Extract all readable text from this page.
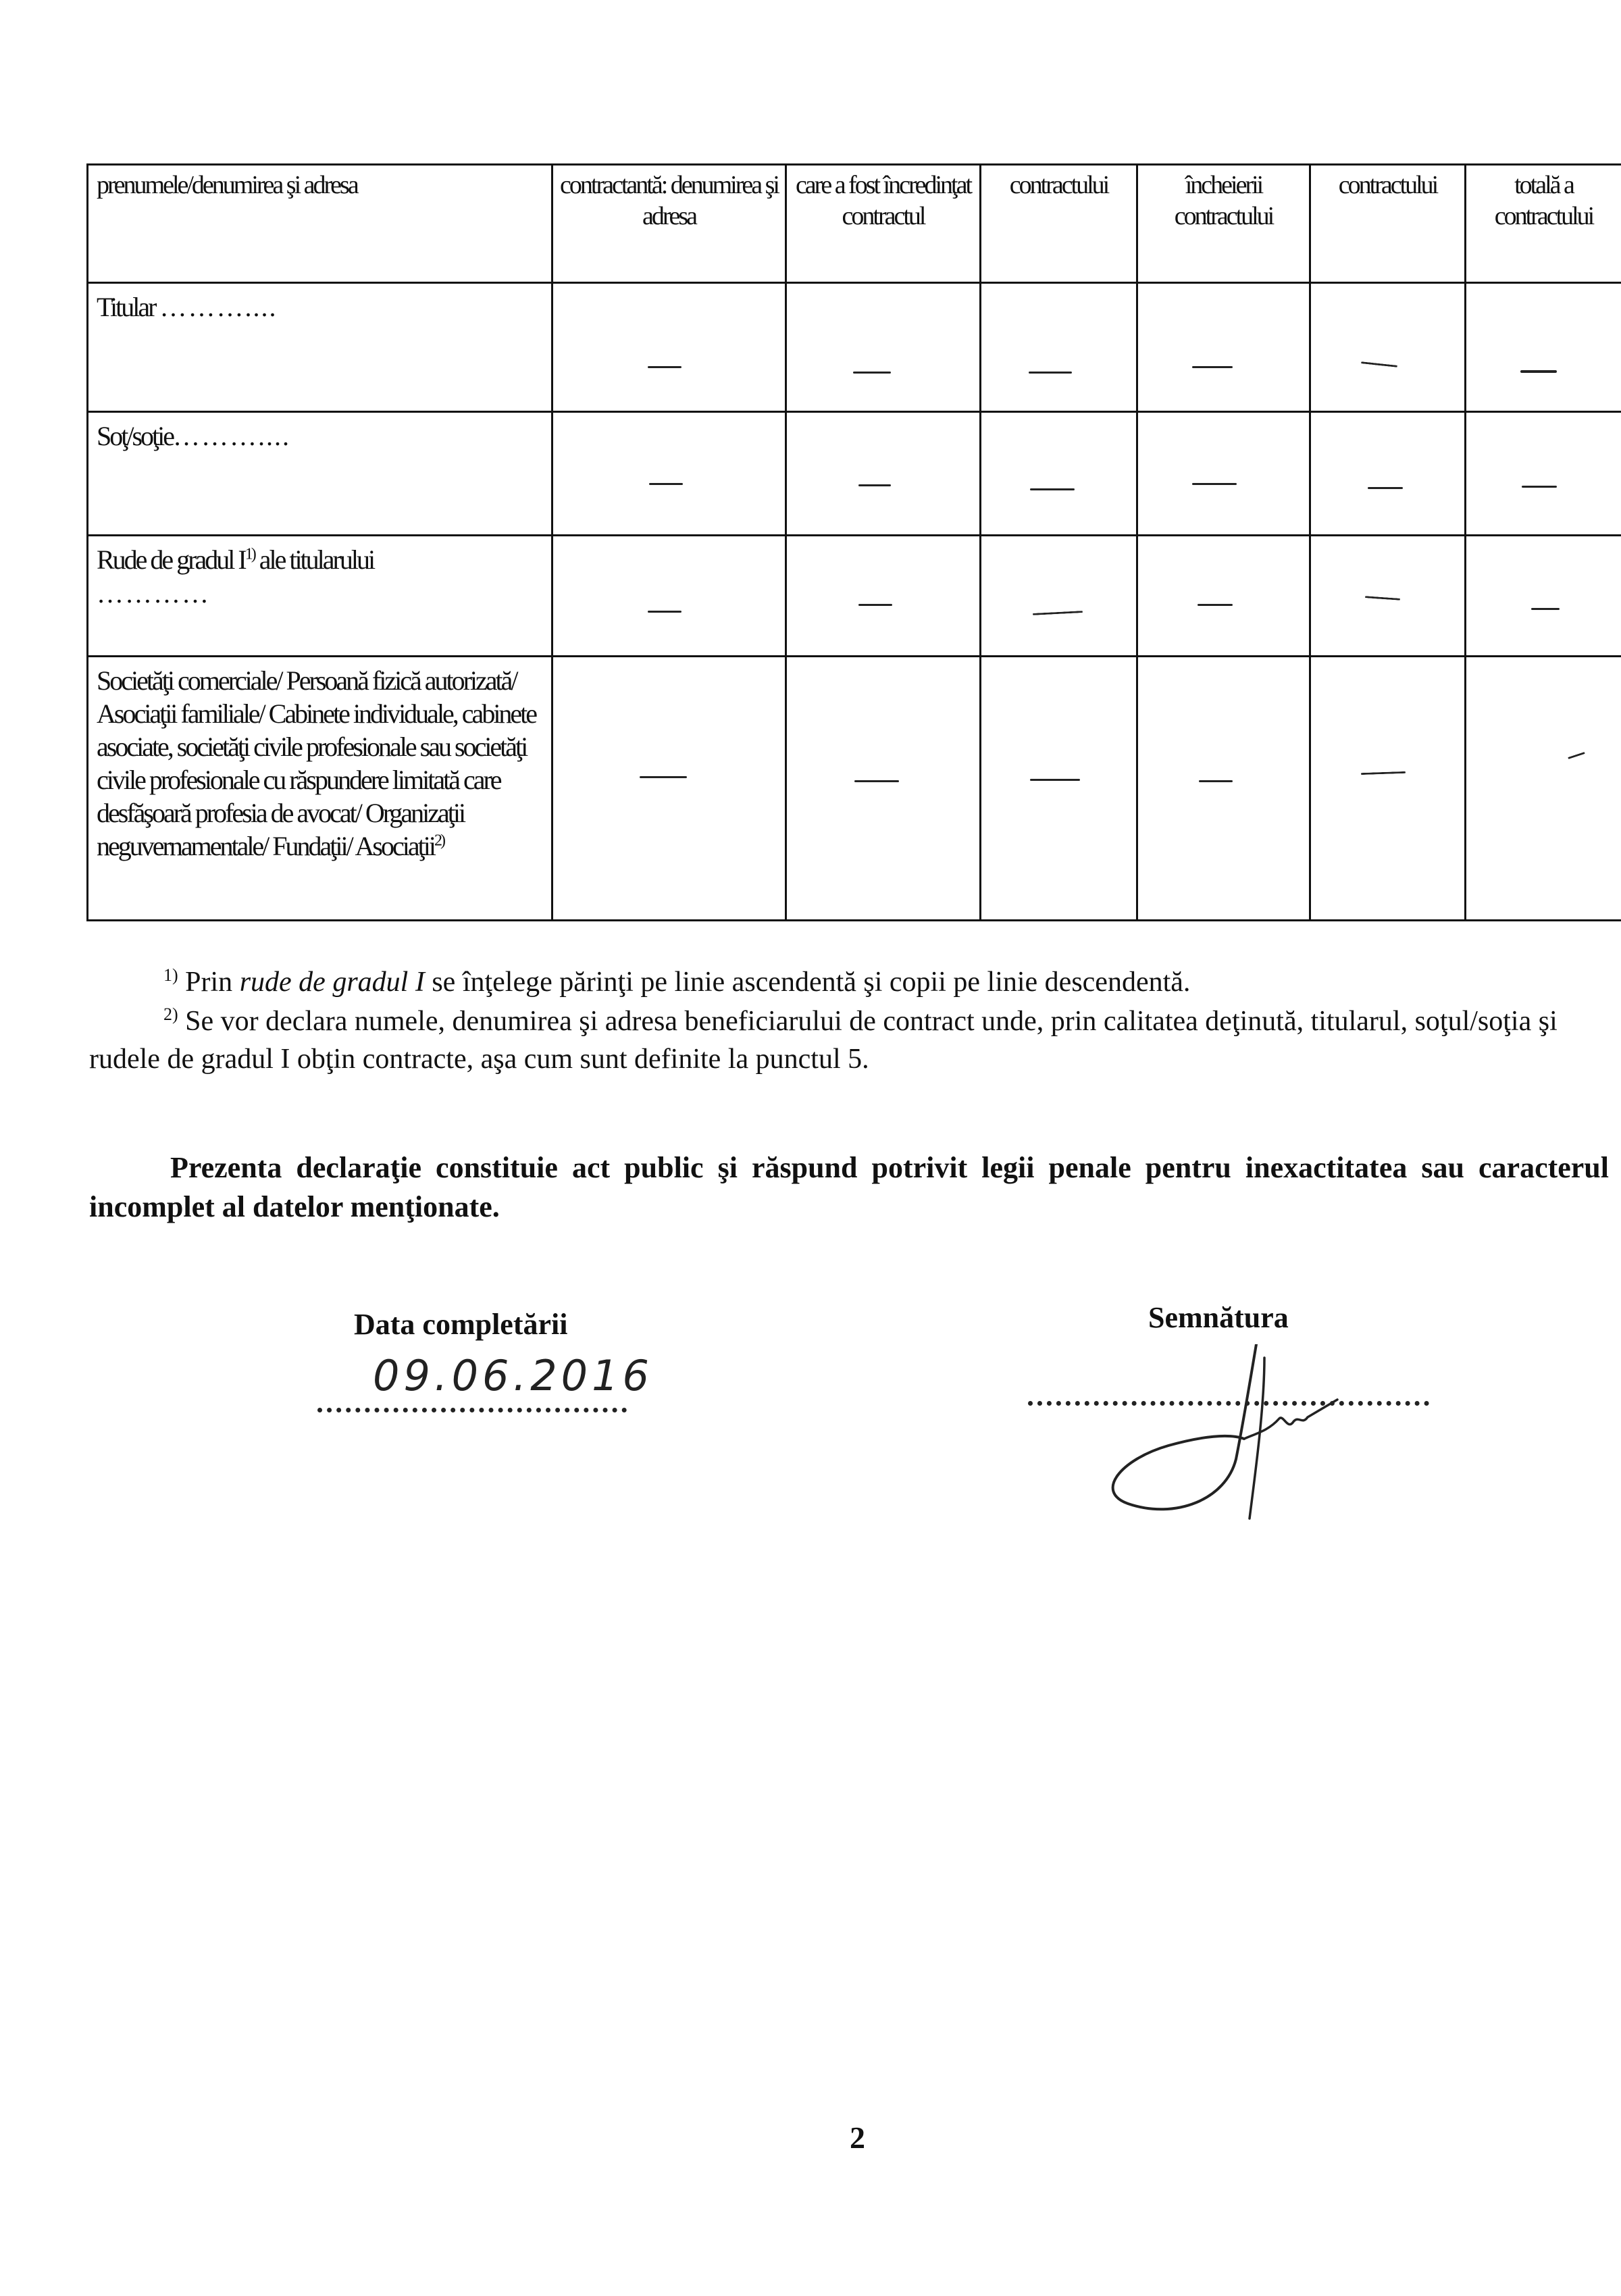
prenumele/denumirea şi adresa	contractantă: denumirea şi adresa	care a fost încredinţat contractul	contractului	încheierii contractului	contractului	totală a contractului

Titular ………....						

Soţ/soţie………....						

Rude de gradul $I^{1)}$ ale titularului
…………						

Societăţi comerciale/ Persoană fizică autorizată/ Asociaţii familiale/ Cabinete individuale, cabinete asociate, societăţi civile profesionale sau societăţi civile profesionale cu răspundere limitată care desfăşoară profesia de avocat/ Organizaţii neguvernamentale/ Fundaţii/ Asociaţii$^{2)}$

$^{1)}$ Prin rude de gradul I se înţelege părinţi pe linie ascendentă şi copii pe linie descendentă.
$^{2)}$ Se vor declara numele, denumirea şi adresa beneficiarului de contract unde, prin calitatea deţinută, titularul, soţul/soţia şi rudele de gradul I obţin contracte, aşa cum sunt definite la punctul 5.
Prezenta declaraţie constituie act public şi răspund potrivit legii penale pentru inexactitatea sau caracterul incomplet al datelor menţionate.
Data completării
09.06.2016
Semnătura
2
